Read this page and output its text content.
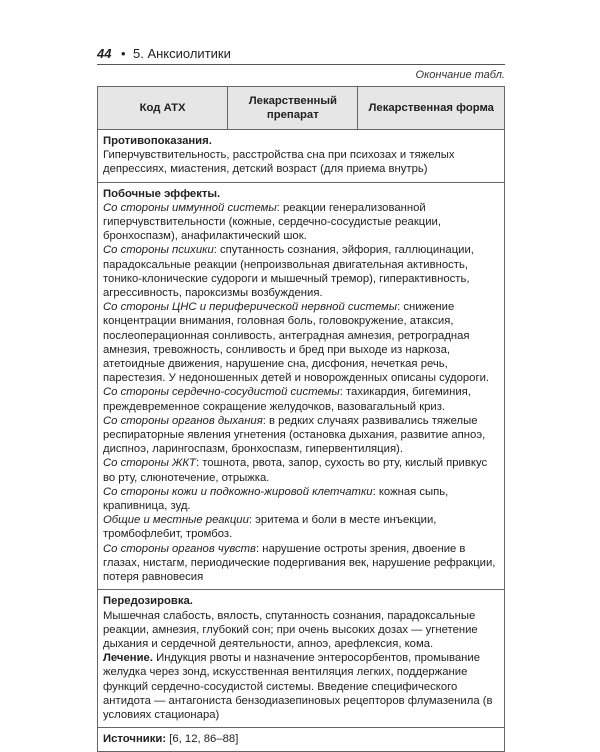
44 • 5. Анксиолитики
Окончание табл.
Код АТХ	Лекарственный препарат	Лекарственная форма

Противопоказания.

Гиперчувствительность, расстройства сна при психозах и тяжелых депрессиях, миастения, детский возраст (для приема внутрь)

Побочные эффекты.

Со стороны иммунной системы: реакции генерализованной гиперчувствительности (кожные, сердечно-сосудистые реакции, бронхоспазм), анафилактический шок.

Со стороны психики: спутанность сознания, эйфория, галлюцинации, парадоксальные реакции (непроизвольная двигательная активность, тонико-клонические судороги и мышечный тремор), гиперактивность, агрессивность, пароксизмы возбуждения.

Со стороны ЦНС и периферической нервной системы: снижение концентрации внимания, головная боль, головокружение, атаксия, послеоперационная сонливость, антеградная амнезия, ретроградная амнезия, тревожность, сонливость и бред при выходе из наркоза, атетоидные движения, нарушение сна, дисфония, нечеткая речь, парестезия. У недоношенных детей и новорожденных описаны судороги.

Со стороны сердечно-сосудистой системы: тахикардия, бигеминия, преждевременное сокращение желудочков, вазовагальный криз.

Со стороны органов дыхания: в редких случаях развивались тяжелые респираторные явления угнетения (остановка дыхания, развитие апноэ, диспноэ, ларингоспазм, бронхоспазм, гипервентиляция).

Со стороны ЖКТ: тошнота, рвота, запор, сухость во рту, кислый привкус во рту, слюнотечение, отрыжка.

Со стороны кожи и подкожно-жировой клетчатки: кожная сыпь, крапивница, зуд.

Общие и местные реакции: эритема и боли в месте инъекции, тромбофлебит, тромбоз.

Со стороны органов чувств: нарушение остроты зрения, двоение в глазах, нистагм, периодические подергивания век, нарушение рефракции, потеря равновесия

Передозировка.

Мышечная слабость, вялость, спутанность сознания, парадоксальные реакции, амнезия, глубокий сон; при очень высоких дозах — угнетение дыхания и сердечной деятельности, апноэ, арефлексия, кома.

Лечение. Индукция рвоты и назначение энтеросорбентов, промывание желудка через зонд, искусственная вентиляция легких, поддержание функций сердечно-сосудистой системы. Введение специфического антидота — антагониста бензодиазепиновых рецепторов флумазенила (в условиях стационара)

Источники: [6, 12, 86–88]
